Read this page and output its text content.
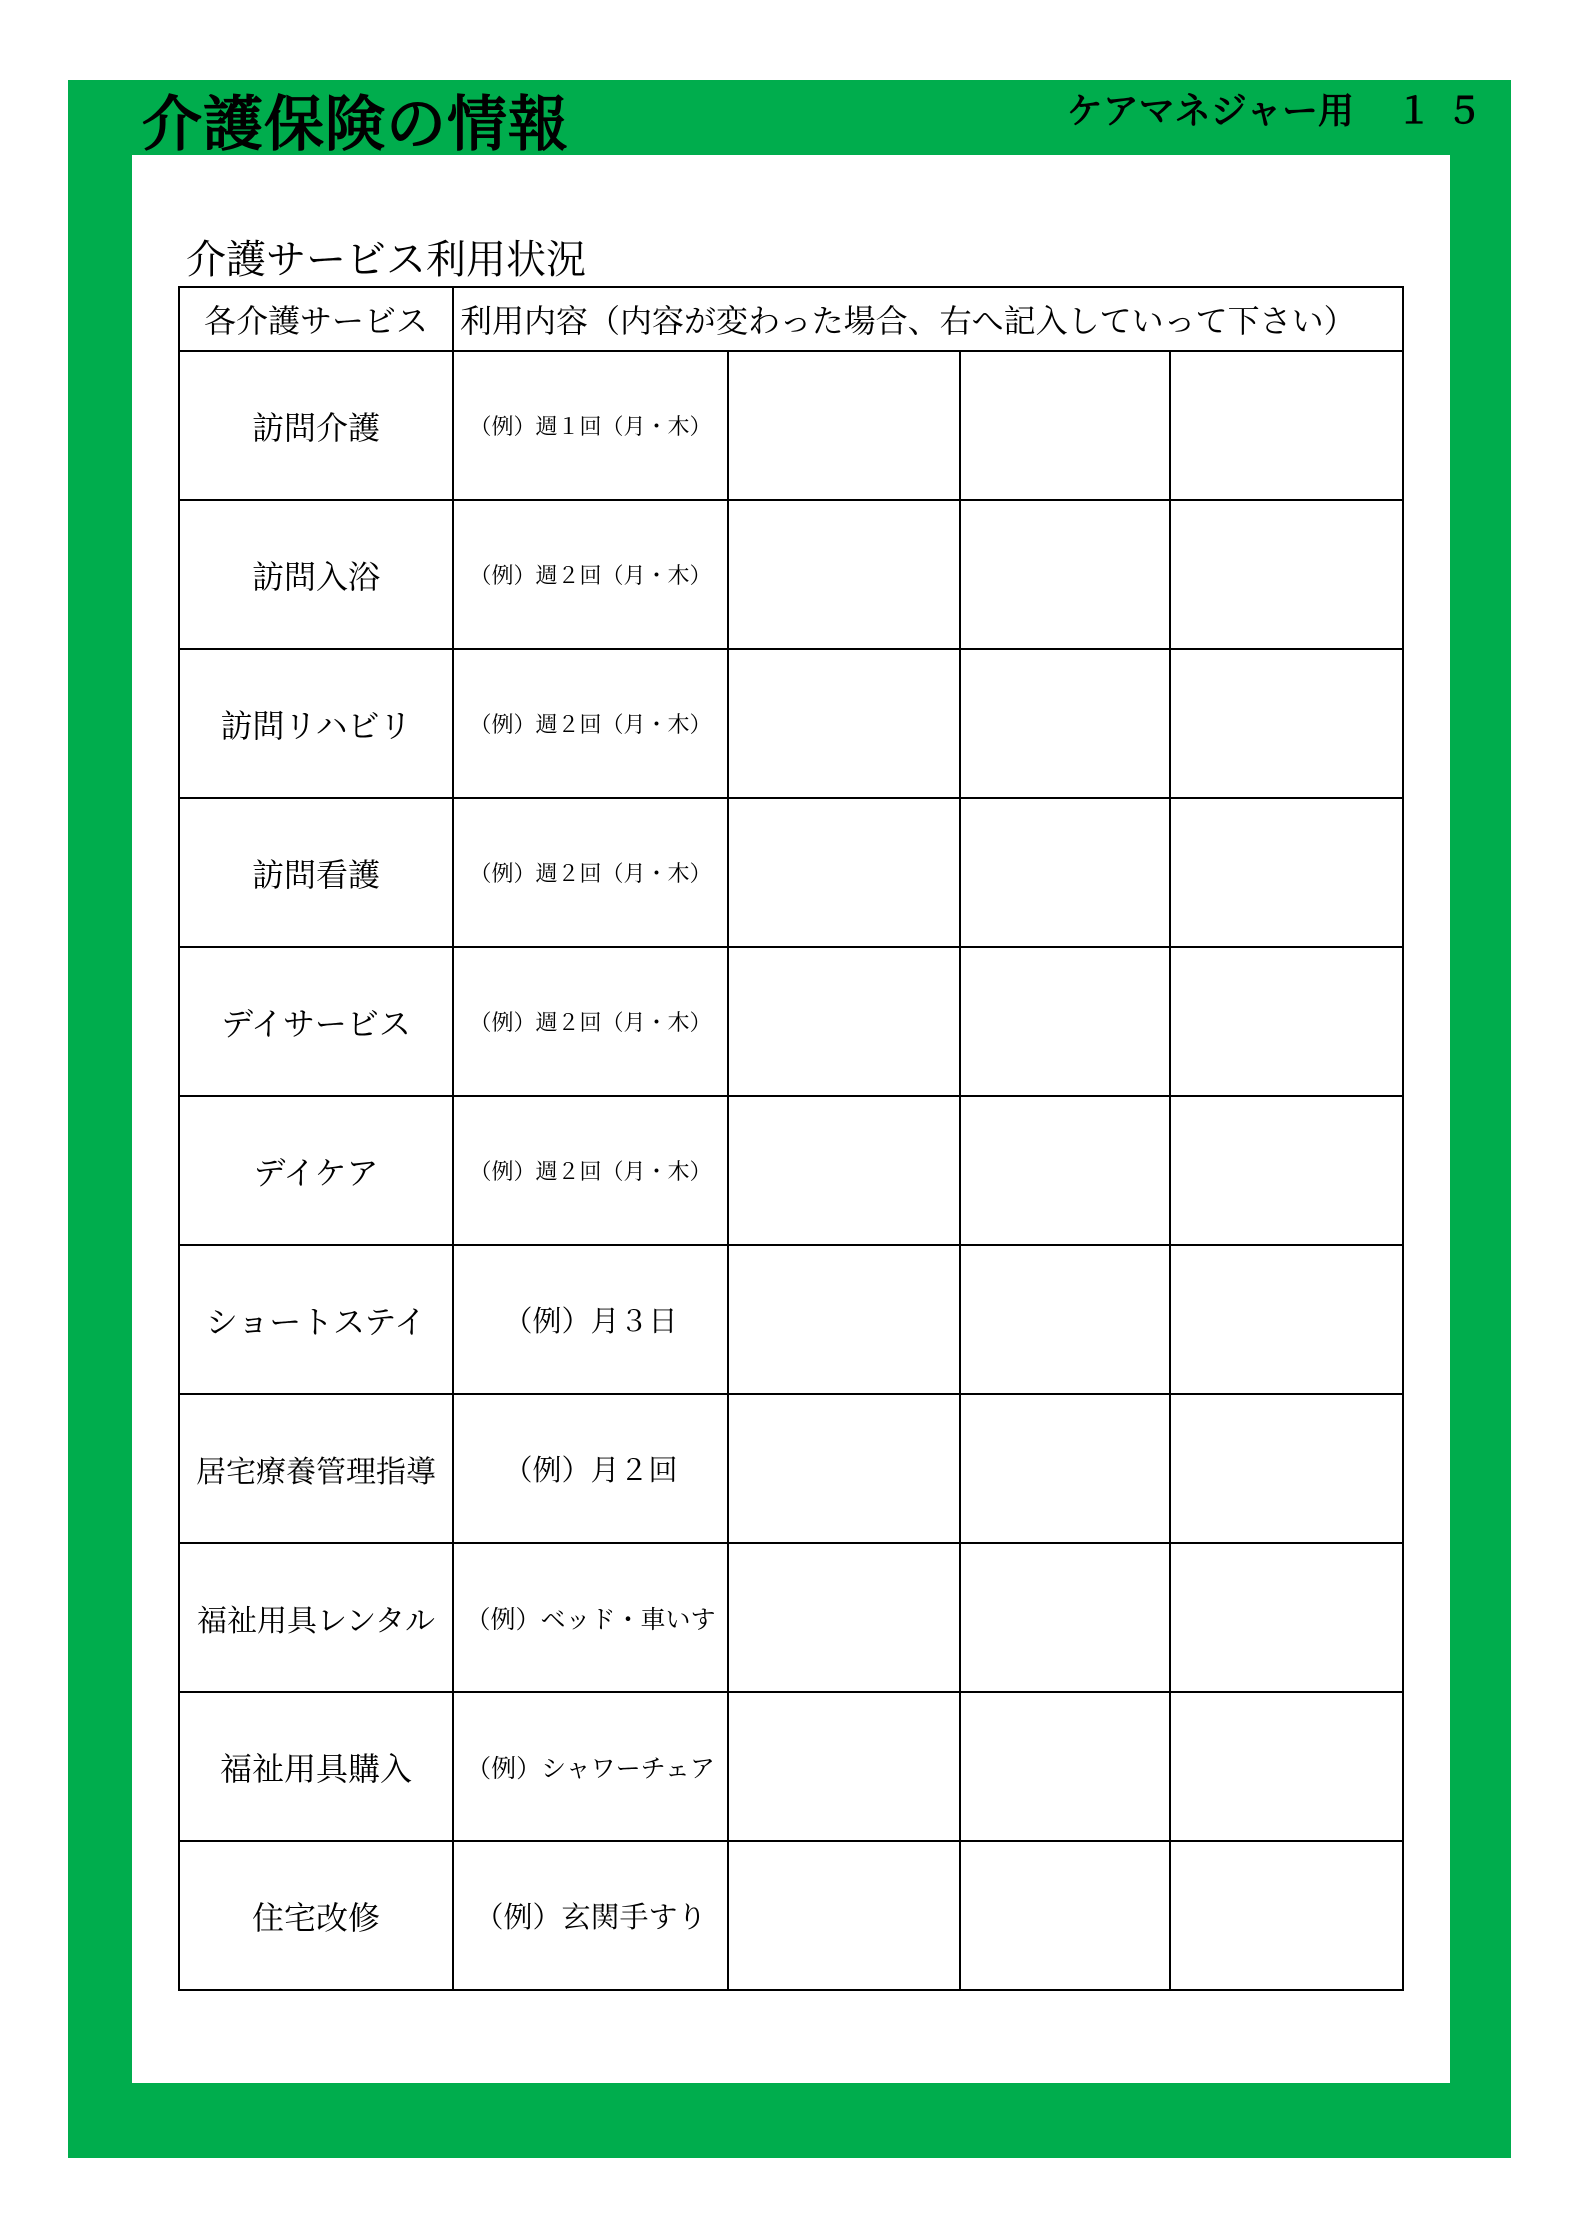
介護保険の情報	ケアマネジャー用 １５
介護サービス利用状況
各介護サービス	利用内容（内容が変わった場合、右へ記入していって下さい）			
訪問介護	（例）週１回（月・木）			
訪問入浴	（例）週２回（月・木）			
訪問リハビリ	（例）週２回（月・木）			
訪問看護	（例）週２回（月・木）			
デイサービス	（例）週２回（月・木）			
デイケア	（例）週２回（月・木）			
ショートステイ	（例）月３日			
居宅療養管理指導	（例）月２回			
福祉用具レンタル	（例）ベッド・車いす			
福祉用具購入	（例）シャワーチェア			
住宅改修	（例）玄関手すり			
